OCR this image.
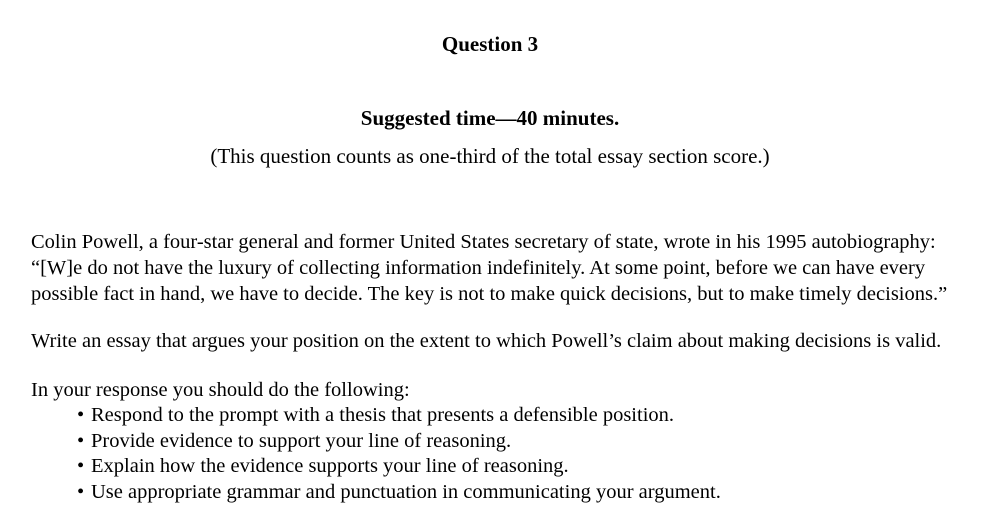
Question 3
Suggested time—40 minutes.
(This question counts as one-third of the total essay section score.)
Colin Powell, a four-star general and former United States secretary of state, wrote in his 1995 autobiography:
“[W]e do not have the luxury of collecting information indefinitely. At some point, before we can have every
possible fact in hand, we have to decide. The key is not to make quick decisions, but to make timely decisions.”
Write an essay that argues your position on the extent to which Powell’s claim about making decisions is valid.
In your response you should do the following:
• Respond to the prompt with a thesis that presents a defensible position.
• Provide evidence to support your line of reasoning.
• Explain how the evidence supports your line of reasoning.
• Use appropriate grammar and punctuation in communicating your argument.
